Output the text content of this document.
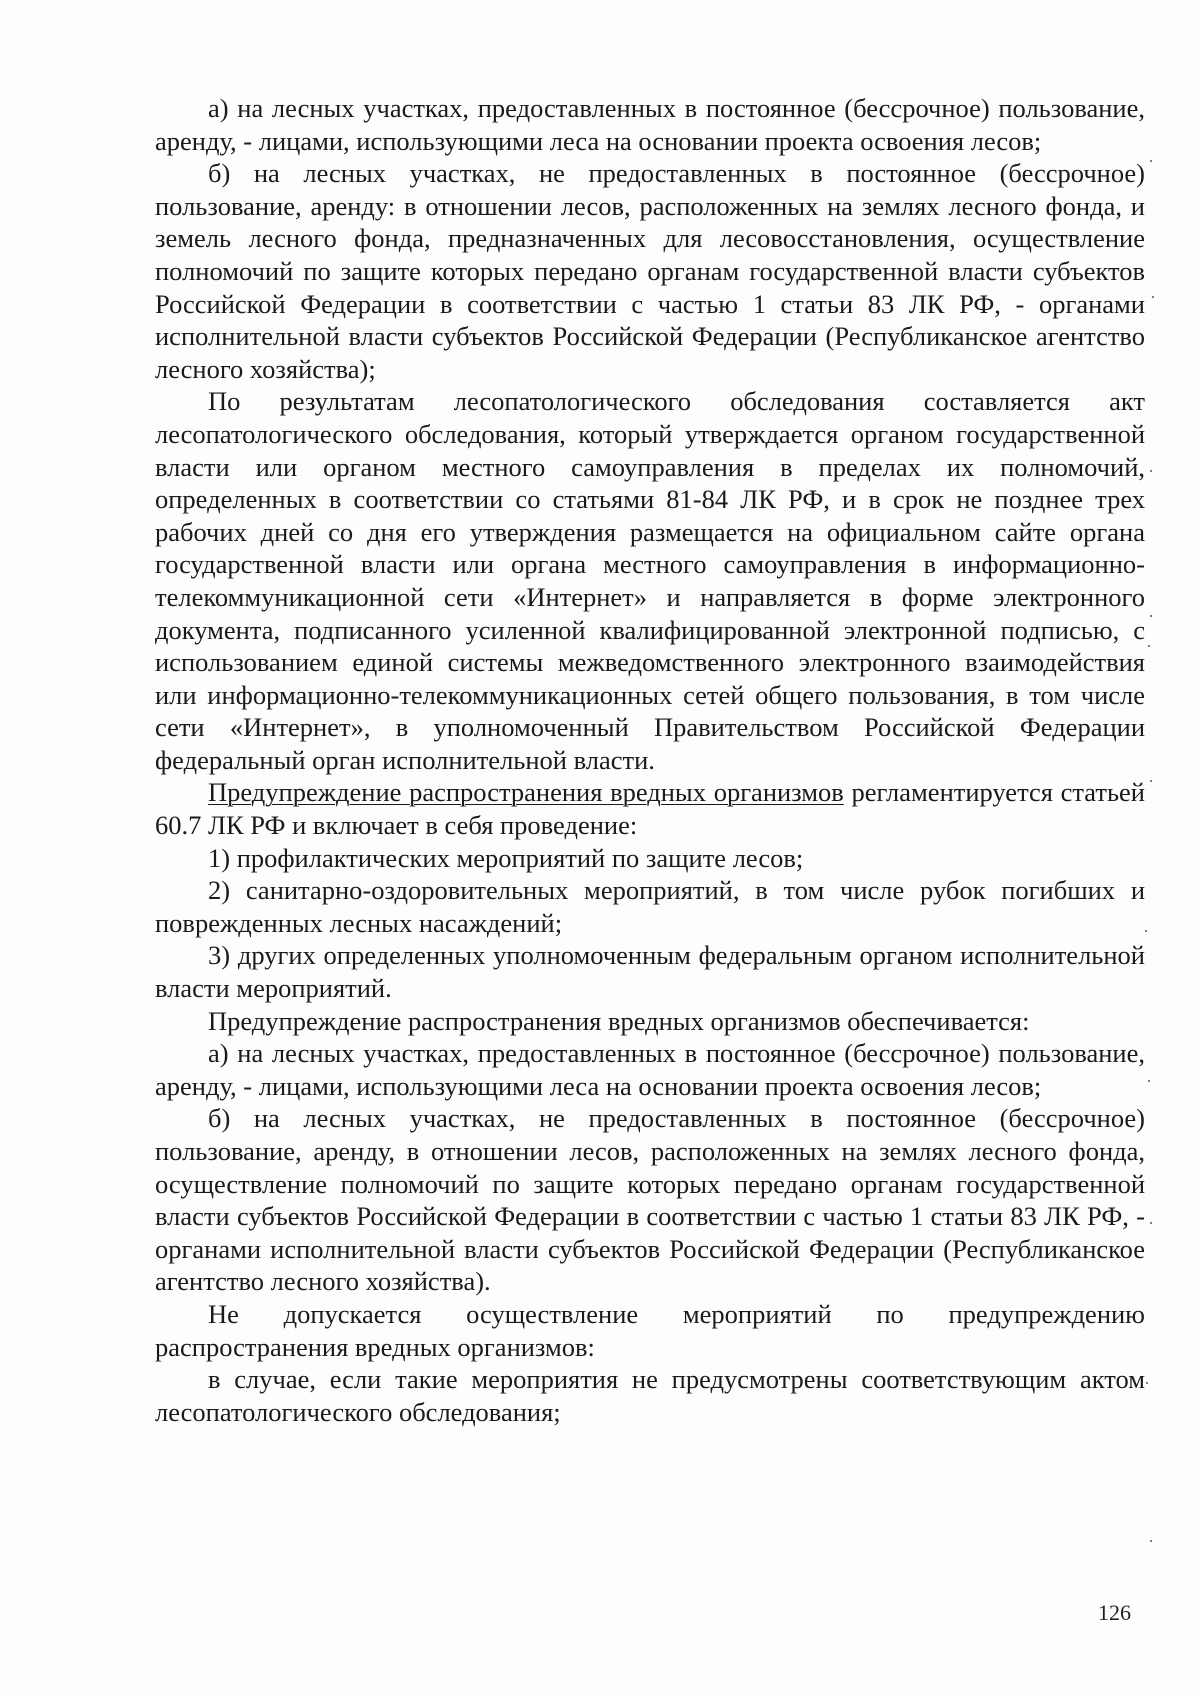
а) на лесных участках, предоставленных в постоянное (бессрочное) пользование, аренду, - лицами, использующими леса на основании проекта освоения лесов;

б) на лесных участках, не предоставленных в постоянное (бессрочное) пользование, аренду: в отношении лесов, расположенных на землях лесного фонда, и земель лесного фонда, предназначенных для лесовосстановления, осуществление полномочий по защите которых передано органам государственной власти субъектов Российской Федерации в соответствии с частью 1 статьи 83 ЛК РФ, - органами исполнительной власти субъектов Российской Федерации (Республиканское агентство лесного хозяйства);

По результатам лесопатологического обследования составляется акт лесопатологического обследования, который утверждается органом государственной власти или органом местного самоуправления в пределах их полномочий, определенных в соответствии со статьями 81-84 ЛК РФ, и в срок не позднее трех рабочих дней со дня его утверждения размещается на официальном сайте органа государственной власти или органа местного самоуправления в информационно-телекоммуникационной сети «Интернет» и направляется в форме электронного документа, подписанного усиленной квалифицированной электронной подписью, с использованием единой системы межведомственного электронного взаимодействия или информационно-телекоммуникационных сетей общего пользования, в том числе сети «Интернет», в уполномоченный Правительством Российской Федерации федеральный орган исполнительной власти.

Предупреждение распространения вредных организмов регламентируется статьей 60.7 ЛК РФ и включает в себя проведение:

1) профилактических мероприятий по защите лесов;

2) санитарно-оздоровительных мероприятий, в том числе рубок погибших и поврежденных лесных насаждений;

3) других определенных уполномоченным федеральным органом исполнительной власти мероприятий.

Предупреждение распространения вредных организмов обеспечивается:

а) на лесных участках, предоставленных в постоянное (бессрочное) пользование, аренду, - лицами, использующими леса на основании проекта освоения лесов;

б) на лесных участках, не предоставленных в постоянное (бессрочное) пользование, аренду, в отношении лесов, расположенных на землях лесного фонда, осуществление полномочий по защите которых передано органам государственной власти субъектов Российской Федерации в соответствии с частью 1 статьи 83 ЛК РФ, - органами исполнительной власти субъектов Российской Федерации (Республиканское агентство лесного хозяйства).

Не допускается осуществление мероприятий по предупреждению распространения вредных организмов:

в случае, если такие мероприятия не предусмотрены соответствующим актом лесопатологического обследования;

126
